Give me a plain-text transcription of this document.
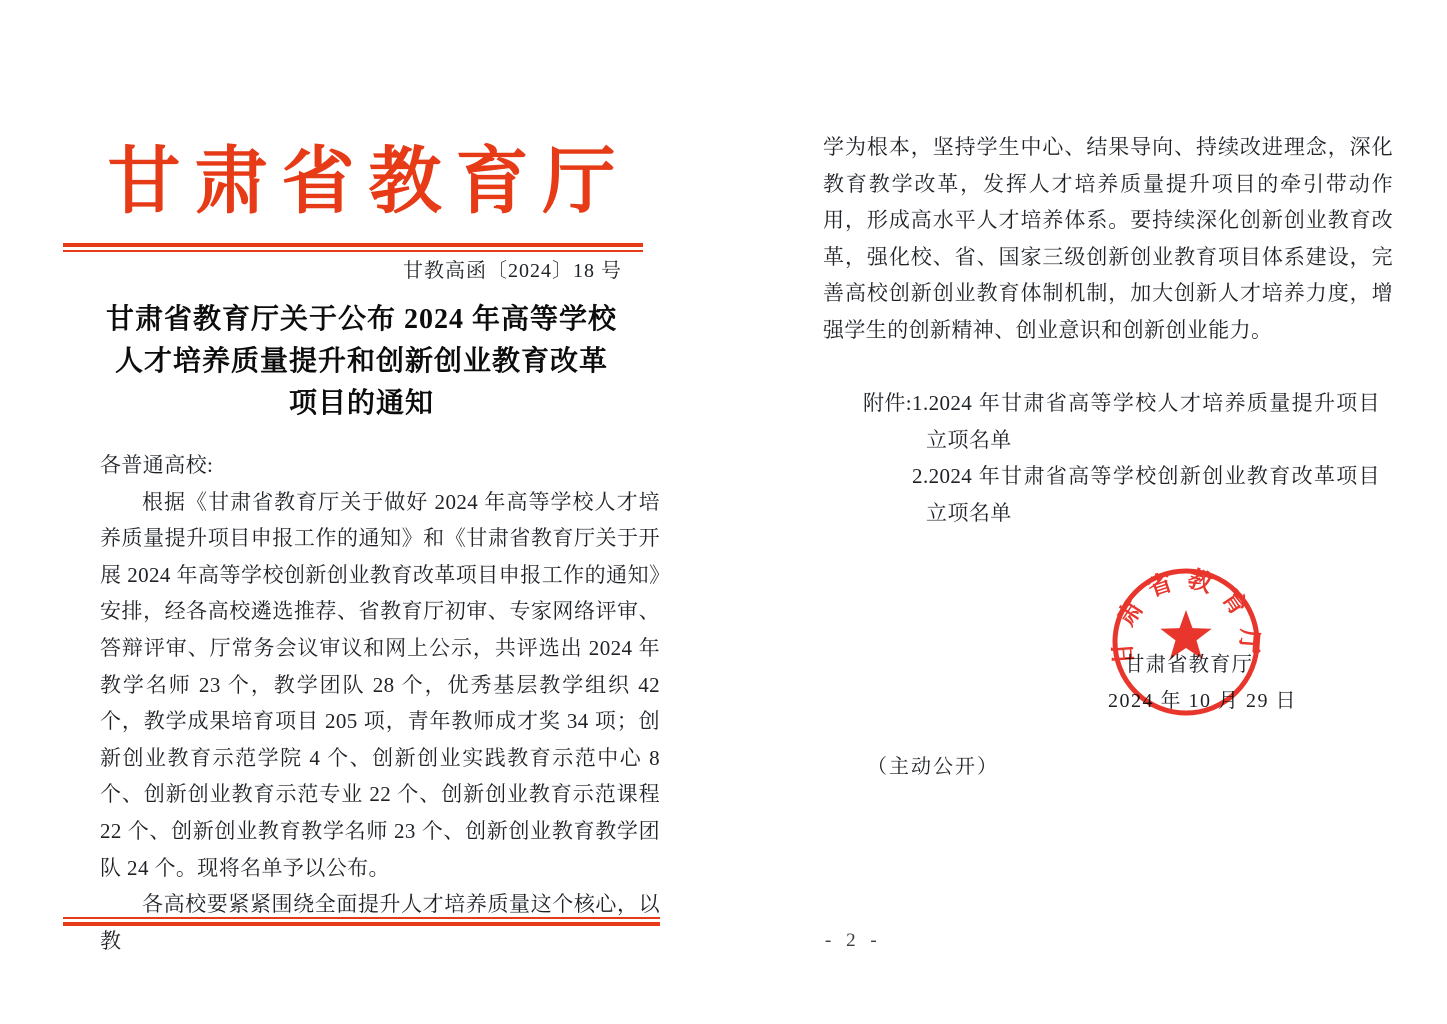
甘肃省教育厅
甘教高函〔2024〕18 号
甘肃省教育厅关于公布 2024 年高等学校
人才培养质量提升和创新创业教育改革
项目的通知

各普通高校:

根据《甘肃省教育厅关于做好 2024 年高等学校人才培养质量提升项目申报工作的通知》和《甘肃省教育厅关于开展 2024 年高等学校创新创业教育改革项目申报工作的通知》安排，经各高校遴选推荐、省教育厅初审、专家网络评审、答辩评审、厅常务会议审议和网上公示，共评选出 2024 年教学名师 23 个，教学团队 28 个，优秀基层教学组织 42 个，教学成果培育项目 205 项，青年教师成才奖 34 项；创新创业教育示范学院 4 个、创新创业实践教育示范中心 8 个、创新创业教育示范专业 22 个、创新创业教育示范课程 22 个、创新创业教育教学名师 23 个、创新创业教育教学团队 24 个。现将名单予以公布。

各高校要紧紧围绕全面提升人才培养质量这个核心，以教

学为根本，坚持学生中心、结果导向、持续改进理念，深化教育教学改革，发挥人才培养质量提升项目的牵引带动作用，形成高水平人才培养体系。要持续深化创新创业教育改革，强化校、省、国家三级创新创业教育项目体系建设，完善高校创新创业教育体制机制，加大创新人才培养力度，增强学生的创新精神、创业意识和创新创业能力。

附件: 1.2024 年甘肃省高等学校人才培养质量提升项目立项名单
2.2024 年甘肃省高等学校创新创业教育改革项目立项名单
甘肃省教育厅
2024 年 10 月 29 日
甘肃省教育厅
（主动公开）
- 2 -
